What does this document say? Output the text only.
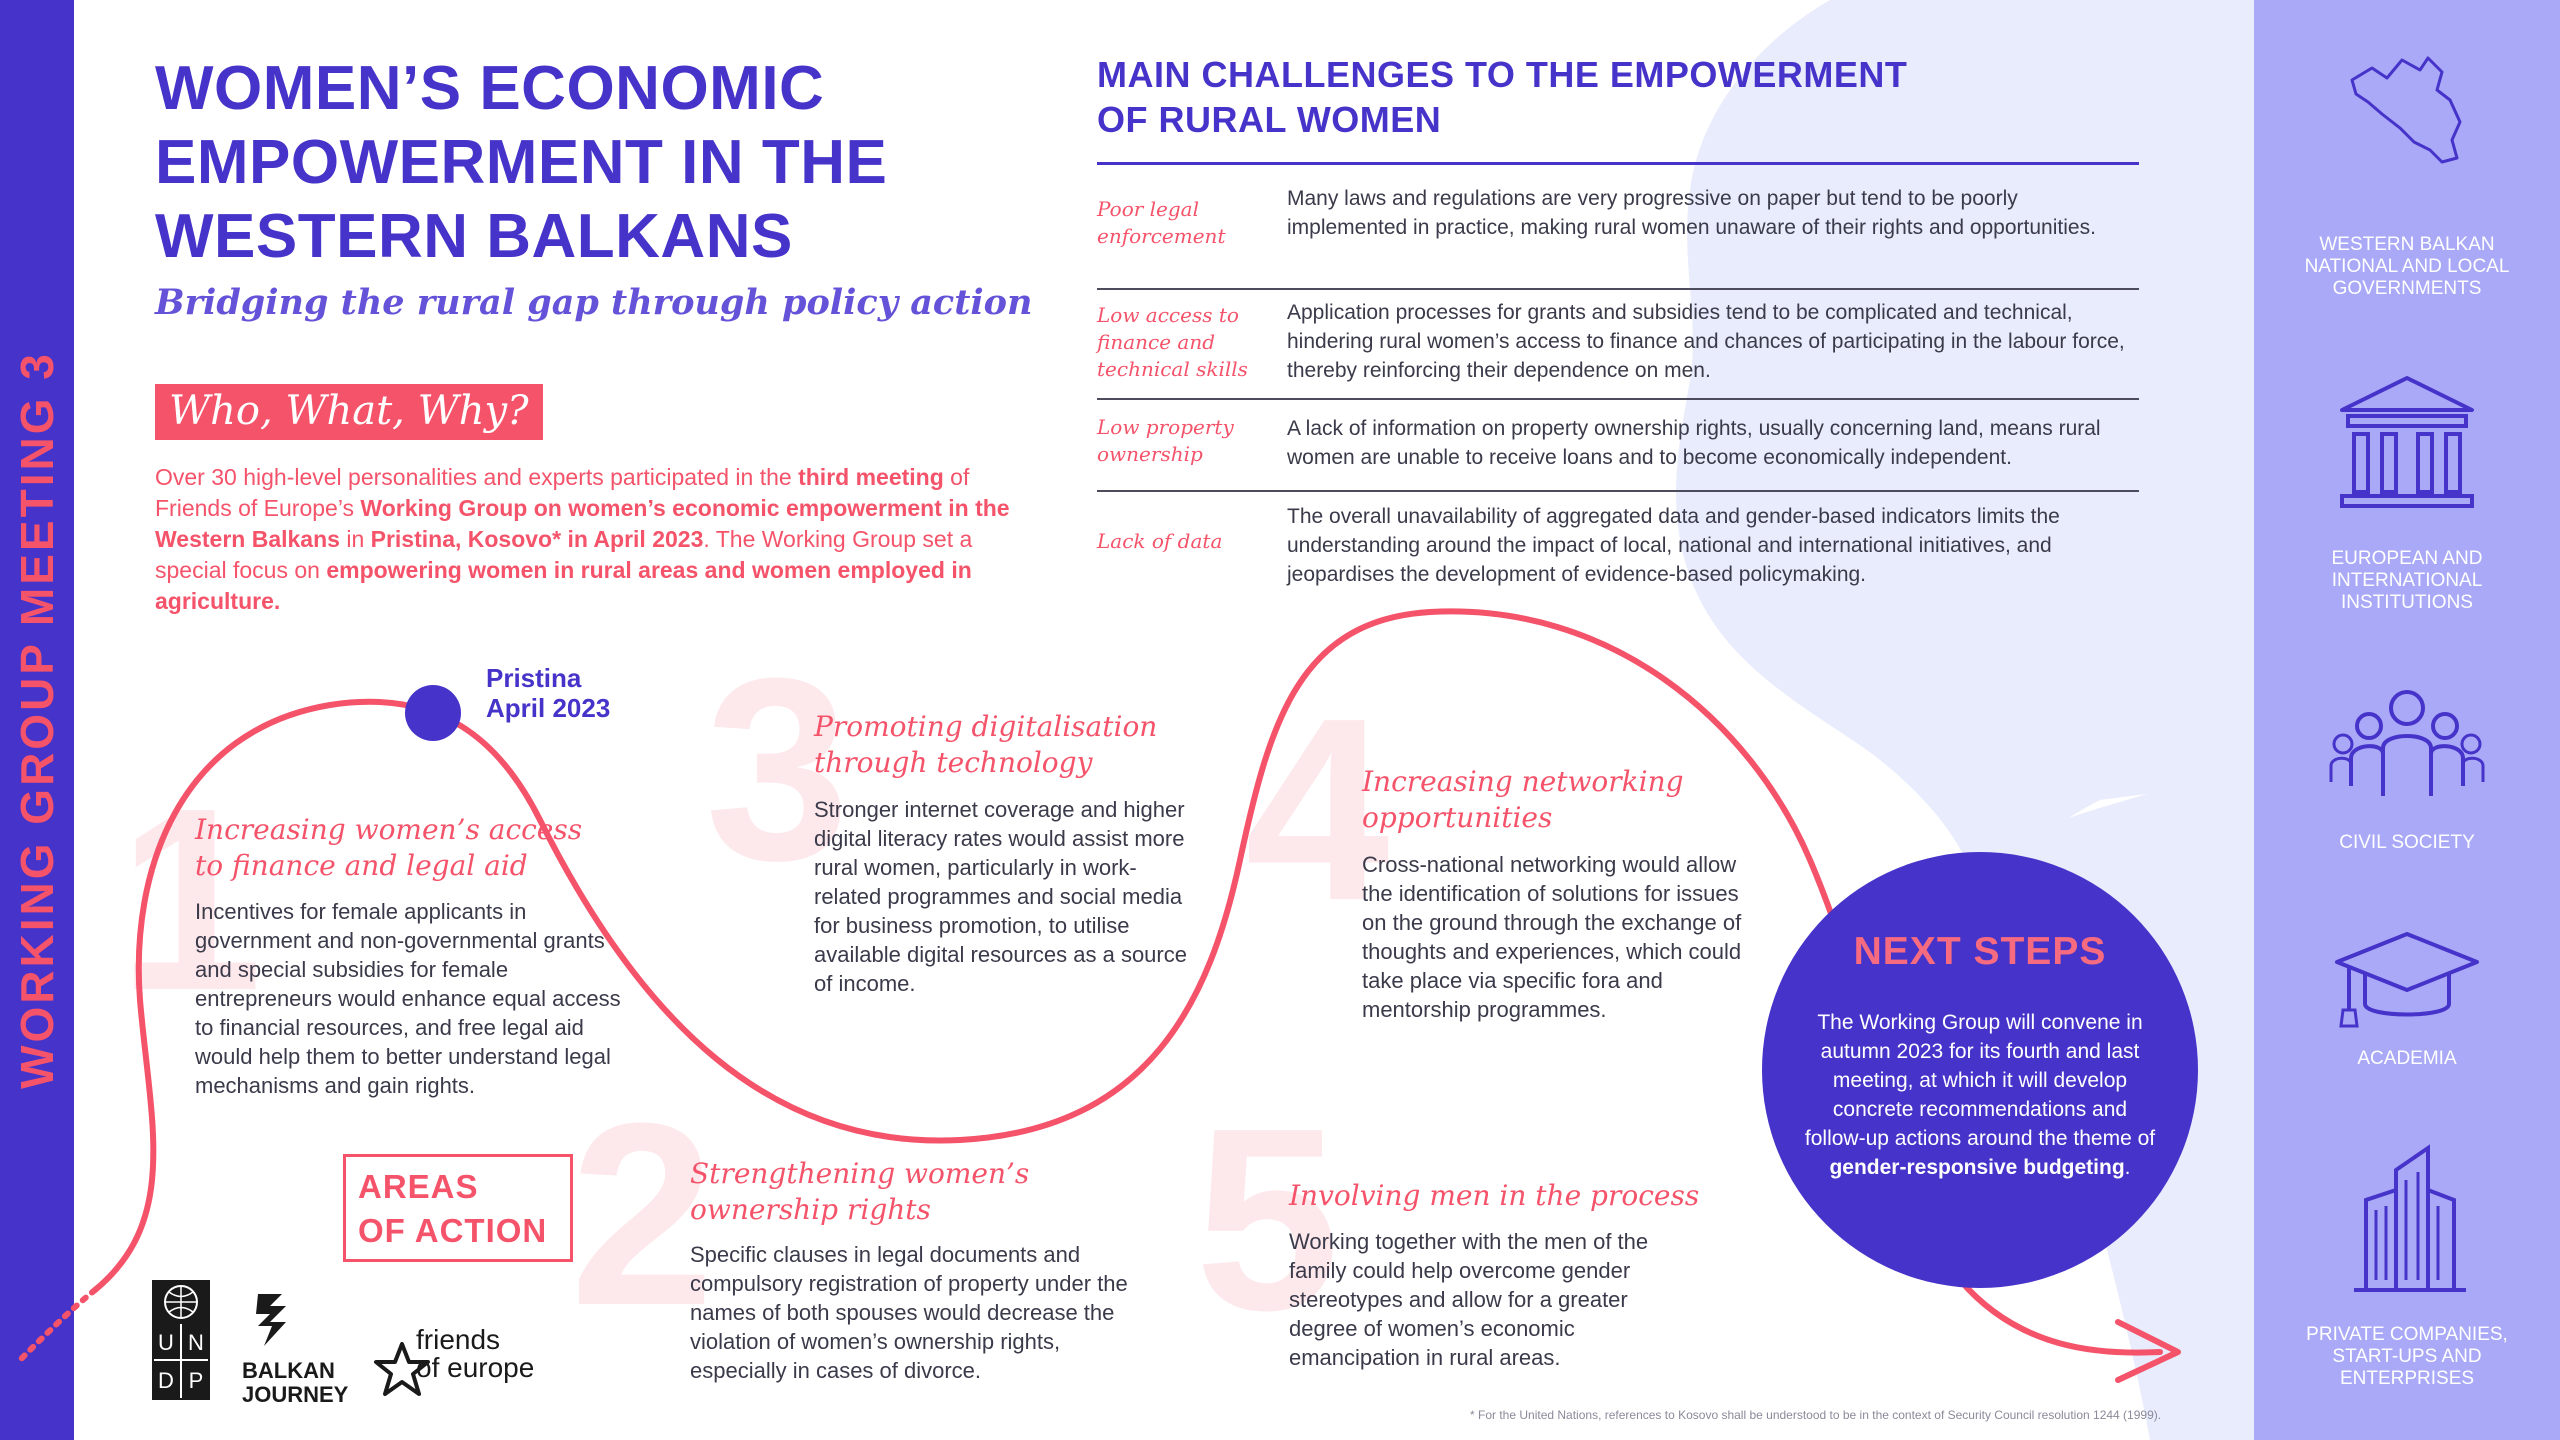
WORKING GROUP MEETING 3
WOMEN’S ECONOMIC
EMPOWERMENT IN THE
WESTERN BALKANS
Bridging the rural gap through policy action
Who, What, Why?
Over 30 high-level personalities and experts participated in the third meeting of Friends of Europe’s Working Group on women’s economic empowerment in the Western Balkans in Pristina, Kosovo* in April 2023. The Working Group set a special focus on empowering women in rural areas and women employed in agriculture.
MAIN CHALLENGES TO THE EMPOWERMENT
OF RURAL WOMEN
Poor legal enforcement
Many laws and regulations are very progressive on paper but tend to be poorly implemented in practice, making rural women unaware of their rights and opportunities.
Low access to finance and technical skills
Application processes for grants and subsidies tend to be complicated and technical, hindering rural women’s access to finance and chances of participating in the labour force, thereby reinforcing their dependence on men.
Low property ownership
A lack of information on property ownership rights, usually concerning land, means rural women are unable to receive loans and to become economically independent.
Lack of data
The overall unavailability of aggregated data and gender-based indicators limits the understanding around the impact of local, national and international initiatives, and jeopardises the development of evidence-based policymaking.
1
2
3 4
5
Pristina
April 2023
Increasing women’s access to finance and legal aid
Incentives for female applicants in government and non-governmental grants and special subsidies for female entrepreneurs would enhance equal access to financial resources, and free legal aid would help them to better understand legal mechanisms and gain rights.
Strengthening women’s ownership rights
Specific clauses in legal documents and compulsory registration of property under the names of both spouses would decrease the violation of women’s ownership rights, especially in cases of divorce.
Promoting digitalisation through technology
Stronger internet coverage and higher digital literacy rates would assist more rural women, particularly in work-related programmes and social media for business promotion, to utilise available digital resources as a source of income.
Increasing networking opportunities
Cross-national networking would allow the identification of solutions for issues on the ground through the exchange of thoughts and experiences, which could take place via specific fora and mentorship programmes.
Involving men in the process
Working together with the men of the family could help overcome gender stereotypes and allow for a greater degree of women’s economic emancipation in rural areas.
AREAS
OF ACTION
NEXT STEPS
The Working Group will convene in autumn 2023 for its fourth and last meeting, at which it will develop concrete recommendations and follow-up actions around the theme of gender-responsive budgeting.
WESTERN BALKAN NATIONAL AND LOCAL GOVERNMENTS
EUROPEAN AND INTERNATIONAL INSTITUTIONS
CIVIL SOCIETY
ACADEMIA
PRIVATE COMPANIES, START-UPS AND ENTERPRISES
U N
D P BALKAN
JOURNEY
friends
of europe
* For the United Nations, references to Kosovo shall be understood to be in the context of Security Council resolution 1244 (1999).
